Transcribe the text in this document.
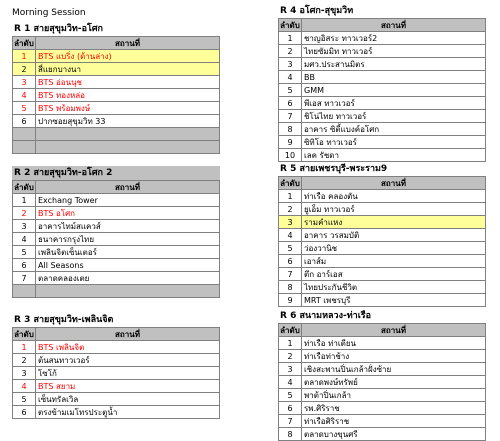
Morning Session
R 1 สายสุขุมวิท-อโศก
ลำดับ	สถานที่
1	BTS แบริ่ง (ด้านล่าง)
2	สี่แยกบางนา
3	BTS อ่อนนุช
4	BTS ทองหล่อ
5	BTS พร้อมพงษ์
6	ปากซอยสุขุมวิท 33

R 2 สายสุขุมวิท-อโศก 2
ลำดับ	สถานที่
1	Exchang Tower
2	BTS อโศก
3	อาคารไทม์สแควส์
4	ธนาคารกรุงไทย
5	เพลินจิตเซ็นเตอร์
6	All Seasons
7	ตลาดคลองเตย

R 3 สายสุขุมวิท-เพลินจิต
ลำดับ	สถานที่
1	BTS เพลินจิต
2	ต้นสนทาวเวอร์
3	โซโก้
4	BTS สยาม
5	เซ็นทรัลเวิล
6	ตรงข้ามเมโทรประตูน้ำ
R 4 อโศก-สุขุมวิท
ลำดับ	สถานที่
1	ชาญอิสระ ทาวเวอร์2
2	ไทยซัมมิท ทาวเวอร์
3	มศว.ประสานมิตร
4	BB
5	GMM
6	พีเอส ทาวเวอร์
7	ชิโน่ไทย ทาวเวอร์
8	อาคาร ซิตี้แบงค์อโศก
9	ซิทิโอ ทาวเวอร์
10	เลค รัชดา
R 5 สายเพชรบุรี-พระราม9
ลำดับ	สถานที่
1	ท่าเรือ คลองตัน
2	ยูเอ็ม ทาวเวอร์
3	รามคำแหง
4	อาคาร วรสมบัติ
5	ว่องวานิช
6	เอาส์ม
7	ตึก อาร์เอส
8	ไทยประกันชีวิต
9	MRT เพชรบุรี
R 6 สนามหลวง-ท่าเรือ
ลำดับ	สถานที่
1	ท่าเรือ ท่าเตียน
2	ท่าเรือท่าช้าง
3	เชิงสะพานปิ่นเกล้าฝั่งซ้าย
4	ตลาดพงษ์ทรัพย์
5	พาต้าปิ่นเกล้า
6	รพ.ศิริราช
7	ท่าเรือศิริราช
8	ตลาดบางขุนศรี
